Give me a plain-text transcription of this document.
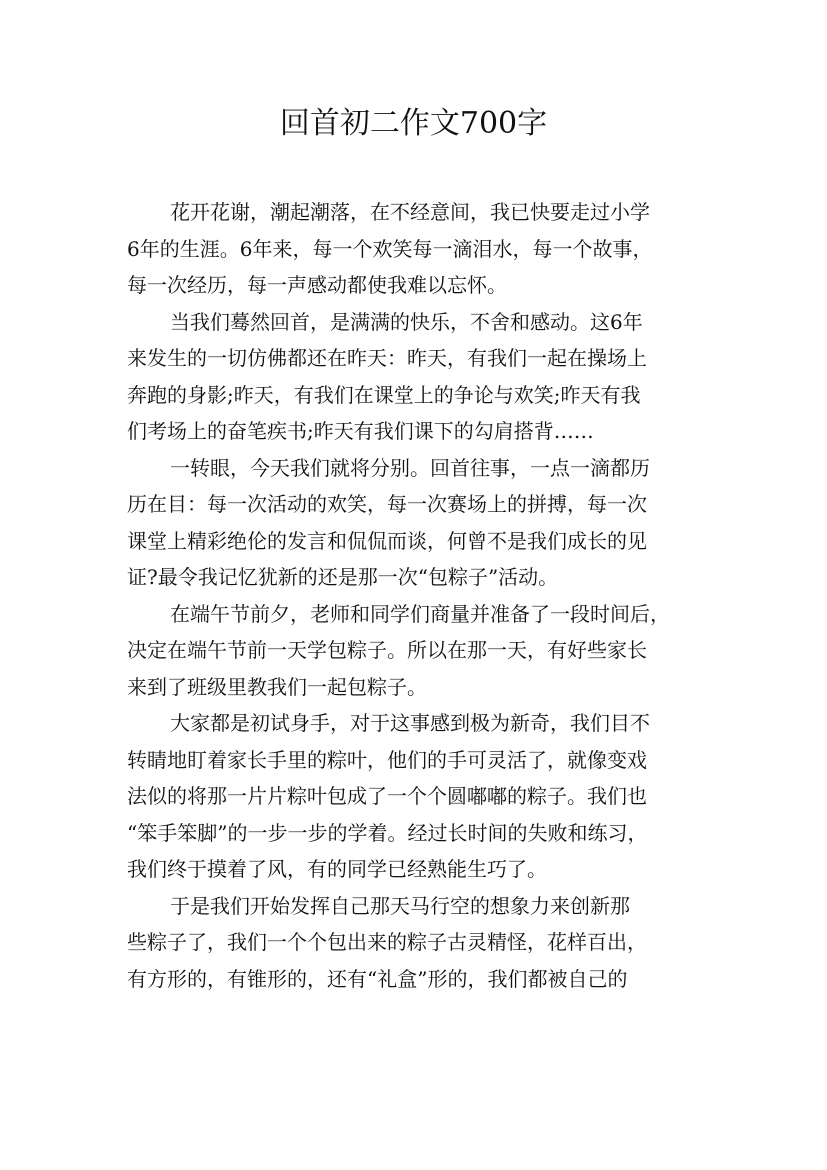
回首初二作文700字
花开花谢，潮起潮落，在不经意间，我已快要走过小学
6年的生涯。6年来，每一个欢笑每一滴泪水，每一个故事，
每一次经历，每一声感动都使我难以忘怀。
当我们蓦然回首，是满满的快乐，不舍和感动。这6年
来发生的一切仿佛都还在昨天：昨天，有我们一起在操场上
奔跑的身影;昨天，有我们在课堂上的争论与欢笑;昨天有我
们考场上的奋笔疾书;昨天有我们课下的勾肩搭背……
一转眼，今天我们就将分别。回首往事，一点一滴都历
历在目：每一次活动的欢笑，每一次赛场上的拼搏，每一次
课堂上精彩绝伦的发言和侃侃而谈，何曾不是我们成长的见
证?最令我记忆犹新的还是那一次“包粽子”活动。
在端午节前夕，老师和同学们商量并准备了一段时间后，
决定在端午节前一天学包粽子。所以在那一天，有好些家长
来到了班级里教我们一起包粽子。
大家都是初试身手，对于这事感到极为新奇，我们目不
转睛地盯着家长手里的粽叶，他们的手可灵活了，就像变戏
法似的将那一片片粽叶包成了一个个圆嘟嘟的粽子。我们也
“笨手笨脚”的一步一步的学着。经过长时间的失败和练习，
我们终于摸着了风，有的同学已经熟能生巧了。
于是我们开始发挥自己那天马行空的想象力来创新那
些粽子了，我们一个个包出来的粽子古灵精怪，花样百出，
有方形的，有锥形的，还有“礼盒”形的，我们都被自己的
